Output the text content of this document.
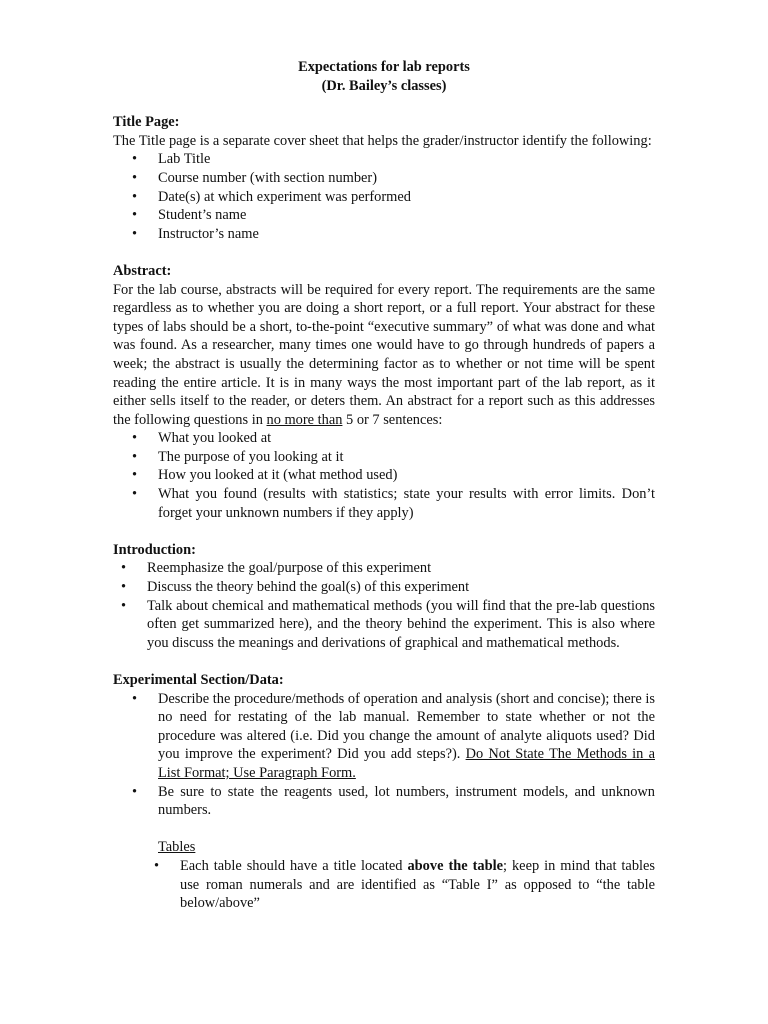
Expectations for lab reports
(Dr. Bailey’s classes)
Title Page:

The Title page is a separate cover sheet that helps the grader/instructor identify the following:

• Lab Title
• Course number (with section number)
• Date(s) at which experiment was performed
• Student’s name
• Instructor’s name
Abstract:

For the lab course, abstracts will be required for every report. The requirements are the same regardless as to whether you are doing a short report, or a full report. Your abstract for these types of labs should be a short, to-the-point “executive summary” of what was done and what was found. As a researcher, many times one would have to go through hundreds of papers a week; the abstract is usually the determining factor as to whether or not time will be spent reading the entire article. It is in many ways the most important part of the lab report, as it either sells itself to the reader, or deters them. An abstract for a report such as this addresses the following questions in no more than 5 or 7 sentences:

• What you looked at
• The purpose of you looking at it
• How you looked at it (what method used)
• What you found (results with statistics; state your results with error limits. Don’t forget your unknown numbers if they apply)
Introduction:
• Reemphasize the goal/purpose of this experiment
• Discuss the theory behind the goal(s) of this experiment
• Talk about chemical and mathematical methods (you will find that the pre-lab questions often get summarized here), and the theory behind the experiment. This is also where you discuss the meanings and derivations of graphical and mathematical methods.
Experimental Section/Data:
• Describe the procedure/methods of operation and analysis (short and concise); there is no need for restating of the lab manual. Remember to state whether or not the procedure was altered (i.e. Did you change the amount of analyte aliquots used? Did you improve the experiment? Did you add steps?). Do Not State The Methods in a List Format; Use Paragraph Form.
• Be sure to state the reagents used, lot numbers, instrument models, and unknown numbers.
Tables
• Each table should have a title located above the table; keep in mind that tables use roman numerals and are identified as “Table I” as opposed to “the table below/above”
